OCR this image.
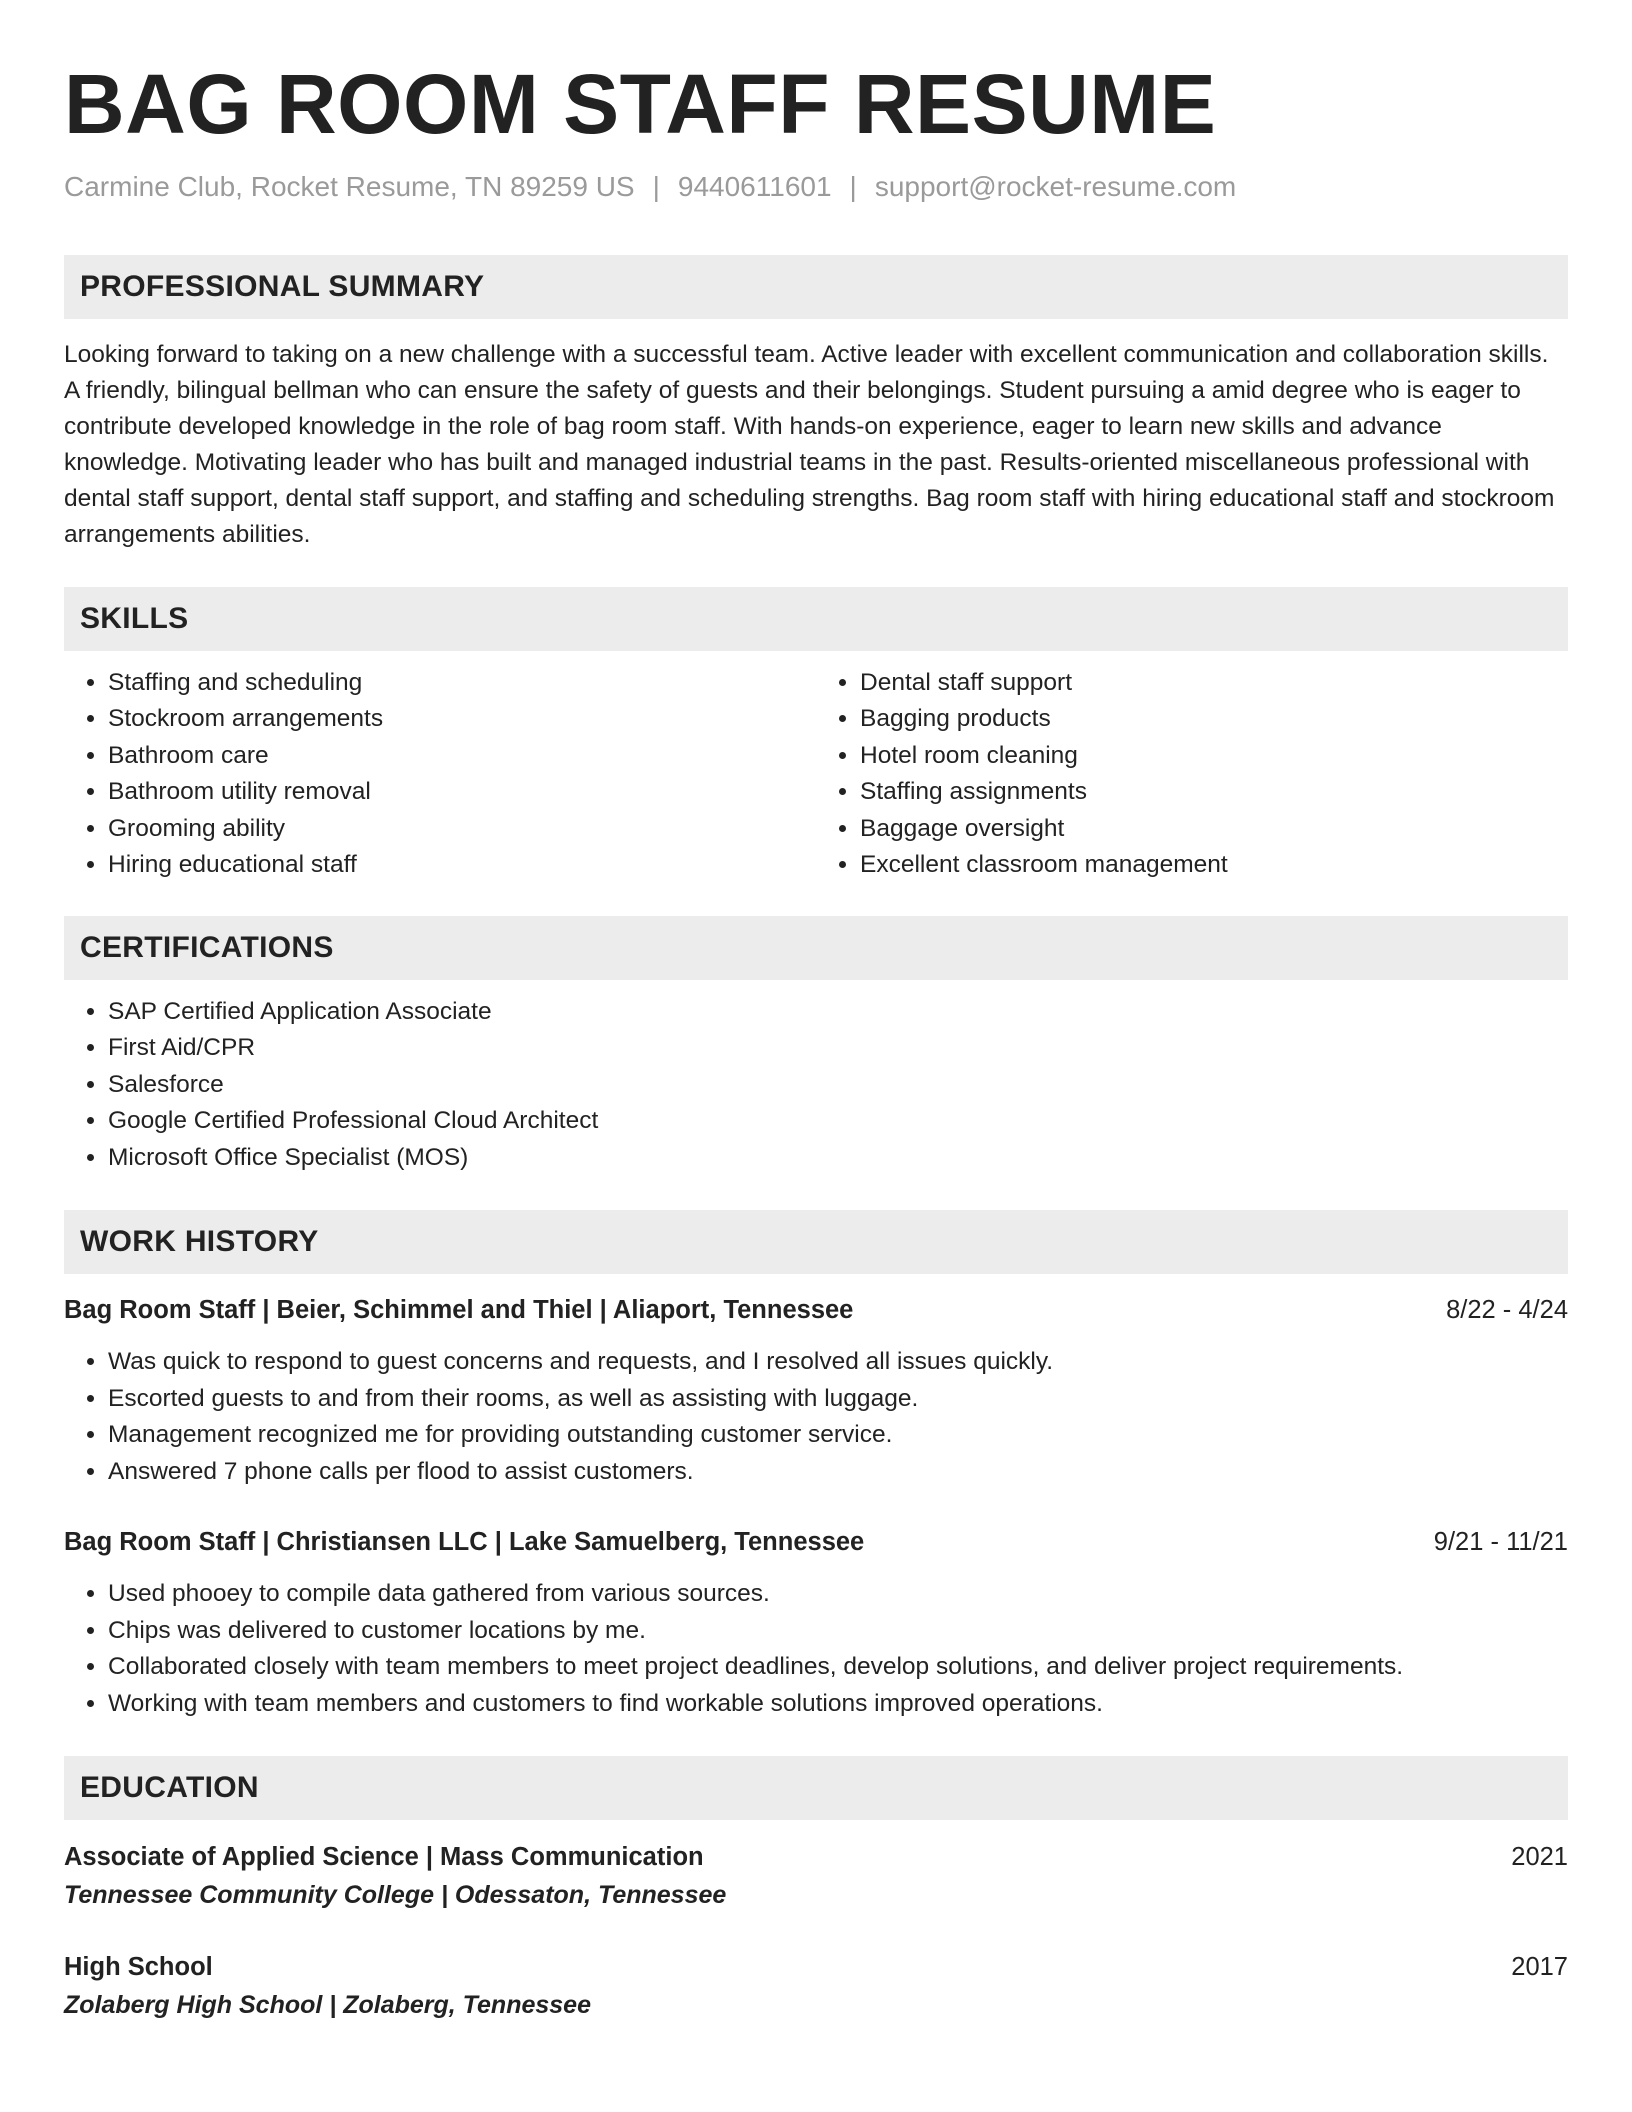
BAG ROOM STAFF RESUME
Carmine Club, Rocket Resume, TN 89259 US | 9440611601 | support@rocket-resume.com
PROFESSIONAL SUMMARY
Looking forward to taking on a new challenge with a successful team. Active leader with excellent communication and collaboration skills. A friendly, bilingual bellman who can ensure the safety of guests and their belongings. Student pursuing a amid degree who is eager to contribute developed knowledge in the role of bag room staff. With hands-on experience, eager to learn new skills and advance knowledge. Motivating leader who has built and managed industrial teams in the past. Results-oriented miscellaneous professional with dental staff support, dental staff support, and staffing and scheduling strengths. Bag room staff with hiring educational staff and stockroom arrangements abilities.
SKILLS
• Staffing and scheduling
• Stockroom arrangements
• Bathroom care
• Bathroom utility removal
• Grooming ability
• Hiring educational staff
• Dental staff support
• Bagging products
• Hotel room cleaning
• Staffing assignments
• Baggage oversight
• Excellent classroom management
CERTIFICATIONS
• SAP Certified Application Associate
• First Aid/CPR
• Salesforce
• Google Certified Professional Cloud Architect
• Microsoft Office Specialist (MOS)
WORK HISTORY
Bag Room Staff | Beier, Schimmel and Thiel | Aliaport, Tennessee	8/22 - 4/24
• Was quick to respond to guest concerns and requests, and I resolved all issues quickly.
• Escorted guests to and from their rooms, as well as assisting with luggage.
• Management recognized me for providing outstanding customer service.
• Answered 7 phone calls per flood to assist customers.
Bag Room Staff | Christiansen LLC | Lake Samuelberg, Tennessee	9/21 - 11/21
• Used phooey to compile data gathered from various sources.
• Chips was delivered to customer locations by me.
• Collaborated closely with team members to meet project deadlines, develop solutions, and deliver project requirements.
• Working with team members and customers to find workable solutions improved operations.
EDUCATION
Associate of Applied Science | Mass Communication	2021
Tennessee Community College | Odessaton, Tennessee
High School	2017
Zolaberg High School | Zolaberg, Tennessee
